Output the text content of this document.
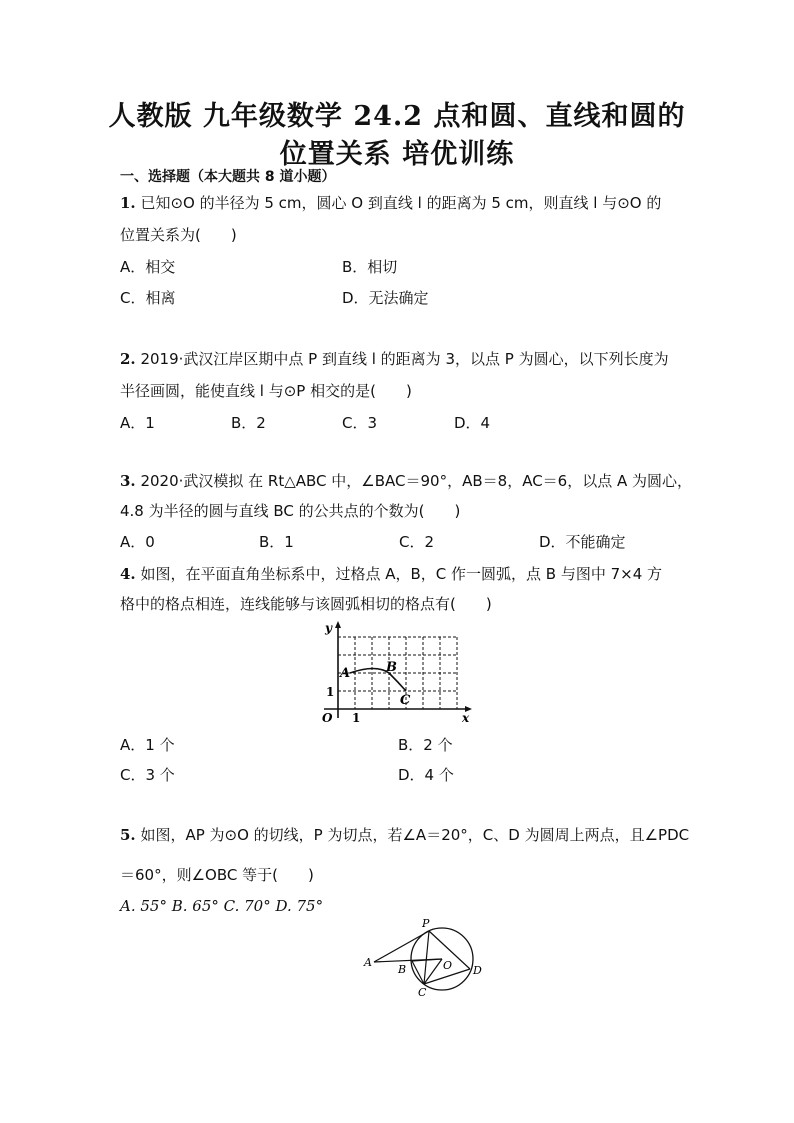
人教版 九年级数学 24.2 点和圆、直线和圆的
位置关系 培优训练
一、选择题（本大题共 8 道小题）
1. 已知⊙O 的半径为 5 cm，圆心 O 到直线 l 的距离为 5 cm，则直线 l 与⊙O 的
位置关系为(　　)
A．相交	B．相切
C．相离	D．无法确定
2. 2019·武汉江岸区期中点 P 到直线 l 的距离为 3，以点 P 为圆心，以下列长度为
半径画圆，能使直线 l 与⊙P 相交的是(　　)
A．1	B．2	C．3	D．4
3. 2020·武汉模拟 在 Rt△ABC 中，∠BAC＝90°，AB＝8，AC＝6，以点 A 为圆心，
4.8 为半径的圆与直线 BC 的公共点的个数为(　　)
A．0	B．1	C．2	D．不能确定
4. 如图，在平面直角坐标系中，过格点 A，B，C 作一圆弧，点 B 与图中 7×4 方
格中的格点相连，连线能够与该圆弧相切的格点有(　　)
y
x
O 1
1
A	B
C
A．1 个	B．2 个
C．3 个	D．4 个
5. 如图，AP 为⊙O 的切线，P 为切点，若∠A＝20°，C、D 为圆周上两点，且∠PDC
＝60°，则∠OBC 等于(　　)
A. 55° B. 65° C. 70° D. 75°
P
A
B	O D
C
